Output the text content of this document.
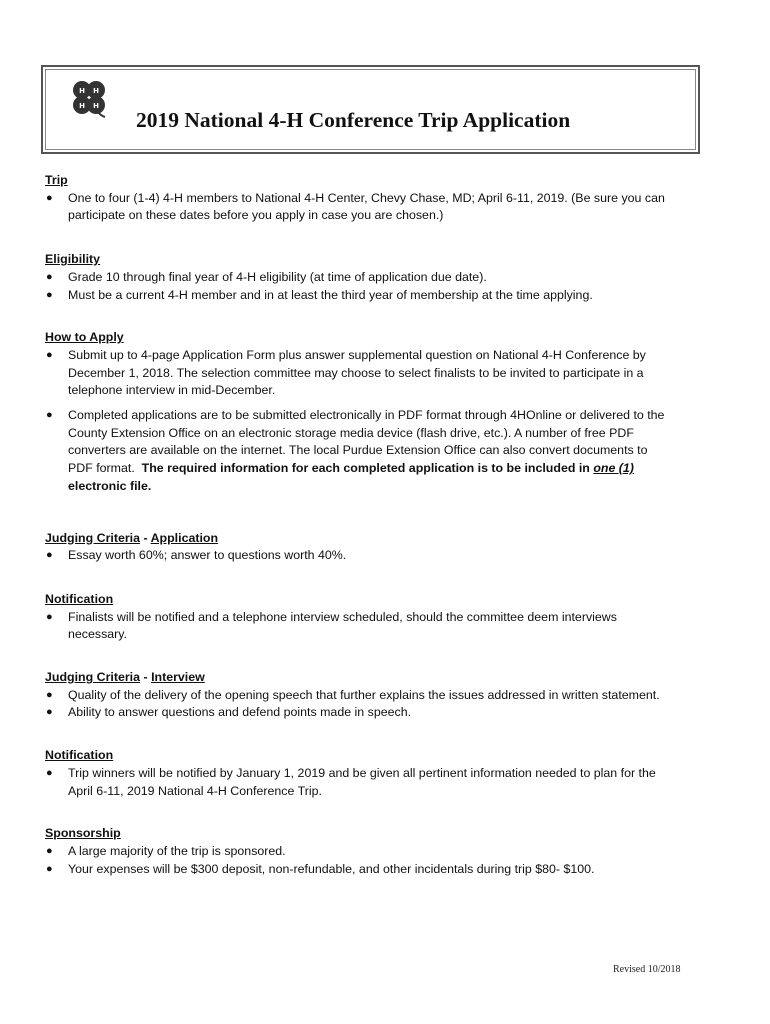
H H
H H
2019 National 4-H Conference Trip Application
Trip
● One to four (1-4) 4-H members to National 4-H Center, Chevy Chase, MD; April 6-11, 2019. (Be sure you can participate on these dates before you apply in case you are chosen.)
Eligibility
● Grade 10 through final year of 4-H eligibility (at time of application due date).
● Must be a current 4-H member and in at least the third year of membership at the time applying.
How to Apply
● Submit up to 4-page Application Form plus answer supplemental question on National 4-H Conference by December 1, 2018. The selection committee may choose to select finalists to be invited to participate in a telephone interview in mid-December.
● Completed applications are to be submitted electronically in PDF format through 4HOnline or delivered to the County Extension Office on an electronic storage media device (flash drive, etc.). A number of free PDF converters are available on the internet. The local Purdue Extension Office can also convert documents to PDF format. The required information for each completed application is to be included in one (1) electronic file.
Judging Criteria - Application
● Essay worth 60%; answer to questions worth 40%.
Notification
● Finalists will be notified and a telephone interview scheduled, should the committee deem interviews necessary.
Judging Criteria - Interview
● Quality of the delivery of the opening speech that further explains the issues addressed in written statement.
● Ability to answer questions and defend points made in speech.
Notification
● Trip winners will be notified by January 1, 2019 and be given all pertinent information needed to plan for the April 6-11, 2019 National 4-H Conference Trip.
Sponsorship
● A large majority of the trip is sponsored.
● Your expenses will be $300 deposit, non-refundable, and other incidentals during trip $80- $100.
Revised 10/2018
